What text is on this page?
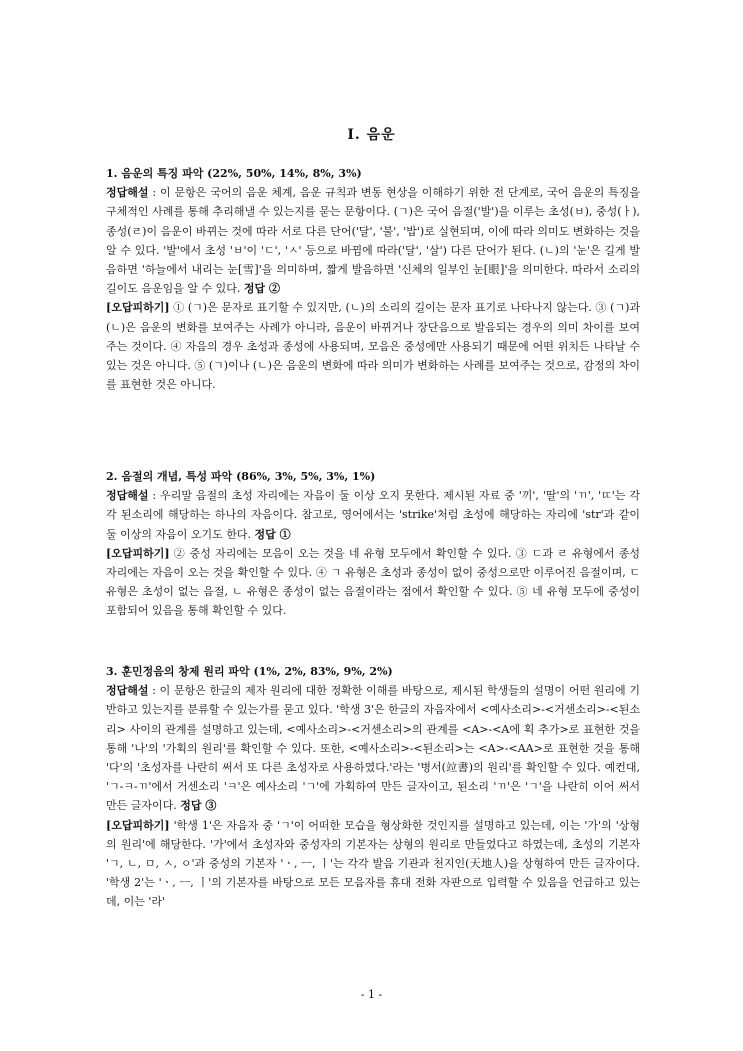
Ⅰ. 음운

1. 음운의 특징 파악 (22%, 50%, 14%, 8%, 3%)

정답해설 : 이 문항은 국어의 음운 체계, 음운 규칙과 변동 현상을 이해하기 위한 전 단계로, 국어 음운의 특징을 구체적인 사례를 통해 추리해낼 수 있는지를 묻는 문항이다. (ㄱ)은 국어 음절('발')을 이루는 초성(ㅂ), 중성(ㅏ), 종성(ㄹ)이 음운이 바뀌는 것에 따라 서로 다른 단어('달', '불', '밥')로 실현되며, 이에 따라 의미도 변화하는 것을 알 수 있다. '발'에서 초성 'ㅂ'이 'ㄷ', 'ㅅ' 등으로 바뀜에 따라('달', '살') 다른 단어가 된다. (ㄴ)의 '눈'은 길게 발음하면 '하늘에서 내리는 눈[雪]'을 의미하며, 짧게 발음하면 '신체의 일부인 눈[眼]'을 의미한다. 따라서 소리의 길이도 음운임을 알 수 있다. 정답 ②

[오답피하기] ① (ㄱ)은 문자로 표기할 수 있지만, (ㄴ)의 소리의 길이는 문자 표기로 나타나지 않는다. ③ (ㄱ)과 (ㄴ)은 음운의 변화를 보여주는 사례가 아니라, 음운이 바뀌거나 장단음으로 발음되는 경우의 의미 차이를 보여주는 것이다. ④ 자음의 경우 초성과 종성에 사용되며, 모음은 중성에만 사용되기 때문에 어떤 위치든 나타날 수 있는 것은 아니다. ⑤ (ㄱ)이나 (ㄴ)은 음운의 변화에 따라 의미가 변화하는 사례를 보여주는 것으로, 감정의 차이를 표현한 것은 아니다.

2. 음절의 개념, 특성 파악 (86%, 3%, 5%, 3%, 1%)

정답해설 : 우리말 음절의 초성 자리에는 자음이 둘 이상 오지 못한다. 제시된 자료 중 '끼', '딸'의 'ㄲ', 'ㄸ'는 각각 된소리에 해당하는 하나의 자음이다. 참고로, 영어에서는 'strike'처럼 초성에 해당하는 자리에 'str'과 같이 둘 이상의 자음이 오기도 한다. 정답 ①

[오답피하기] ② 중성 자리에는 모음이 오는 것을 네 유형 모두에서 확인할 수 있다. ③ ㄷ과 ㄹ 유형에서 종성 자리에는 자음이 오는 것을 확인할 수 있다. ④ ㄱ 유형은 초성과 종성이 없이 중성으로만 이루어진 음절이며, ㄷ 유형은 초성이 없는 음절, ㄴ 유형은 종성이 없는 음절이라는 점에서 확인할 수 있다. ⑤ 네 유형 모두에 중성이 포함되어 있음을 통해 확인할 수 있다.

3. 훈민정음의 창제 원리 파악 (1%, 2%, 83%, 9%, 2%)

정답해설 : 이 문항은 한글의 제자 원리에 대한 정확한 이해를 바탕으로, 제시된 학생들의 설명이 어떤 원리에 기반하고 있는지를 분류할 수 있는가를 묻고 있다. '학생 3'은 한글의 자음자에서 <예사소리>-<거센소리>-<된소리> 사이의 관계를 설명하고 있는데, <예사소리>-<거센소리>의 관계를 <A>-<A에 획 추가>로 표현한 것을 통해 '나'의 '가획의 원리'를 확인할 수 있다. 또한, <예사소리>-<된소리>는 <A>-<AA>로 표현한 것을 통해 '다'의 '초성자를 나란히 써서 또 다른 초성자로 사용하였다.'라는 '병서(竝書)의 원리'를 확인할 수 있다. 예컨대, 'ㄱ-ㅋ-ㄲ'에서 거센소리 'ㅋ'은 예사소리 'ㄱ'에 가획하여 만든 글자이고, 된소리 'ㄲ'은 'ㄱ'을 나란히 이어 써서 만든 글자이다. 정답 ③

[오답피하기] '학생 1'은 자음자 중 'ㄱ'이 어떠한 모습을 형상화한 것인지를 설명하고 있는데, 이는 '가'의 '상형의 원리'에 해당한다. '가'에서 초성자와 중성자의 기본자는 상형의 원리로 만들었다고 하였는데, 초성의 기본자 'ㄱ, ㄴ, ㅁ, ㅅ, ㅇ'과 중성의 기본자 'ㆍ, ㅡ, ㅣ'는 각각 발음 기관과 천지인(天地人)을 상형하여 만든 글자이다. '학생 2'는 'ㆍ, ㅡ, ㅣ'의 기본자를 바탕으로 모든 모음자를 휴대 전화 자판으로 입력할 수 있음을 언급하고 있는데, 이는 '라'

- 1 -
